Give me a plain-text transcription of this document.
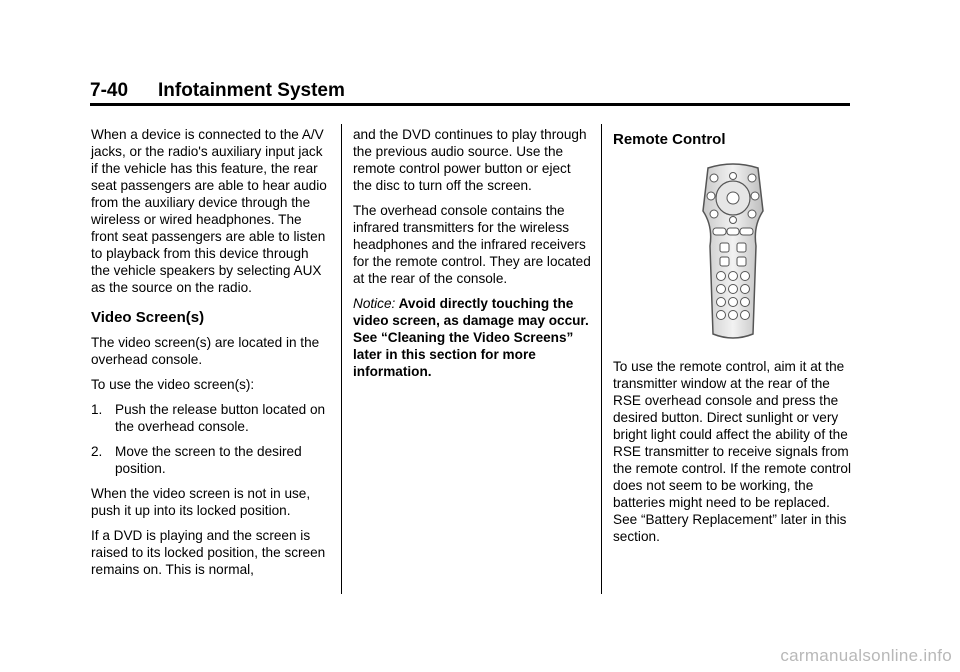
7-40 Infotainment System

When a device is connected to the A/V jacks, or the radio's auxiliary input jack if the vehicle has this feature, the rear seat passengers are able to hear audio from the auxiliary device through the wireless or wired headphones. The front seat passengers are able to listen to playback from this device through the vehicle speakers by selecting AUX as the source on the radio.

Video Screen(s)

The video screen(s) are located in the overhead console.

To use the video screen(s):

1. Push the release button located on the overhead console.
2. Move the screen to the desired position.

When the video screen is not in use, push it up into its locked position.

If a DVD is playing and the screen is raised to its locked position, the screen remains on. This is normal,

and the DVD continues to play through the previous audio source. Use the remote control power button or eject the disc to turn off the screen.

The overhead console contains the infrared transmitters for the wireless headphones and the infrared receivers for the remote control. They are located at the rear of the console.

Notice: Avoid directly touching the video screen, as damage may occur. See “Cleaning the Video Screens” later in this section for more information.

Remote Control

To use the remote control, aim it at the transmitter window at the rear of the RSE overhead console and press the desired button. Direct sunlight or very bright light could affect the ability of the RSE transmitter to receive signals from the remote control. If the remote control does not seem to be working, the batteries might need to be replaced. See “Battery Replacement” later in this section.

carmanualsonline.info
